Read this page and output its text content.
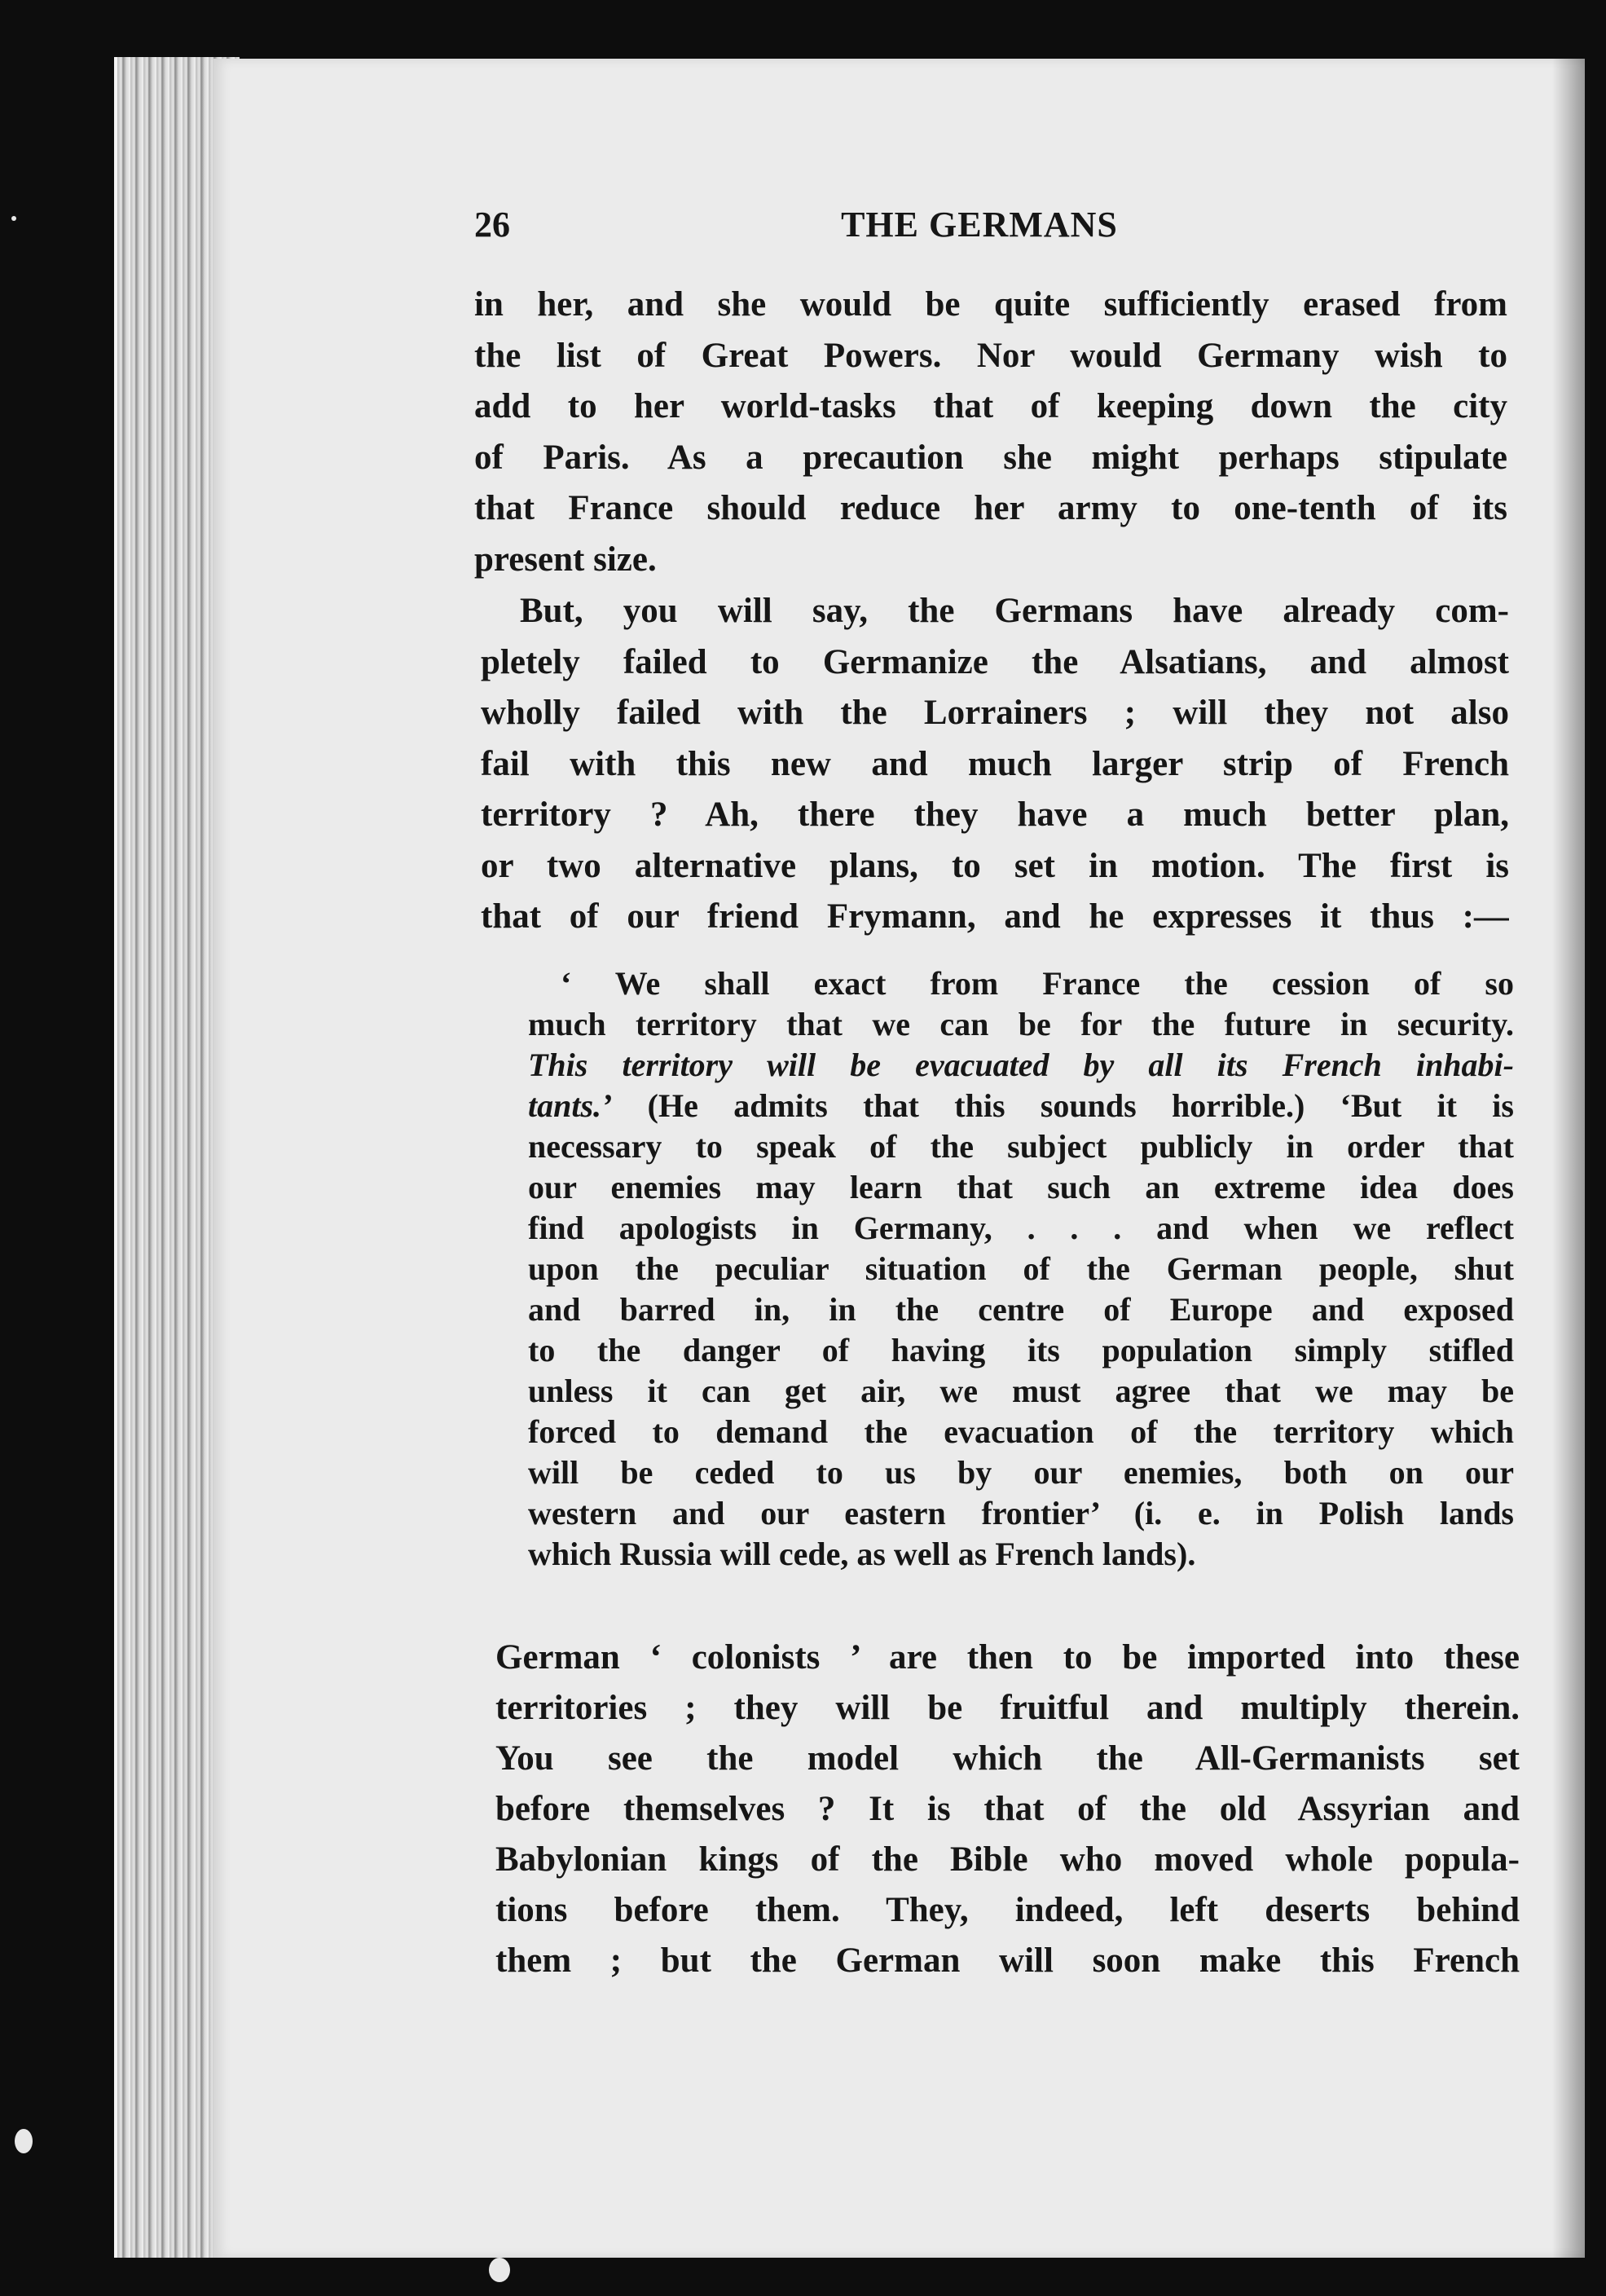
26	THE GERMANS
in her, and she would be quite sufficiently erased from
the list of Great Powers. Nor would Germany wish to
add to her world-tasks that of keeping down the city
of Paris. As a precaution she might perhaps stipulate
that France should reduce her army to one-tenth of its
present size.
But, you will say, the Germans have already com-
pletely failed to Germanize the Alsatians, and almost
wholly failed with the Lorrainers ; will they not also
fail with this new and much larger strip of French
territory ? Ah, there they have a much better plan,
or two alternative plans, to set in motion. The first is
that of our friend Frymann, and he expresses it thus :—
‘ We shall exact from France the cession of so
much territory that we can be for the future in security.
This territory will be evacuated by all its French inhabi-
tants.’ (He admits that this sounds horrible.) ‘But it is
necessary to speak of the subject publicly in order that
our enemies may learn that such an extreme idea does
find apologists in Germany, . . . and when we reflect
upon the peculiar situation of the German people, shut
and barred in, in the centre of Europe and exposed
to the danger of having its population simply stifled
unless it can get air, we must agree that we may be
forced to demand the evacuation of the territory which
will be ceded to us by our enemies, both on our
western and our eastern frontier’ (i. e. in Polish lands
which Russia will cede, as well as French lands).
German ‘ colonists ’ are then to be imported into these
territories ; they will be fruitful and multiply therein.
You see the model which the All-Germanists set
before themselves ? It is that of the old Assyrian and
Babylonian kings of the Bible who moved whole popula-
tions before them. They, indeed, left deserts behind
them ; but the German will soon make this French
